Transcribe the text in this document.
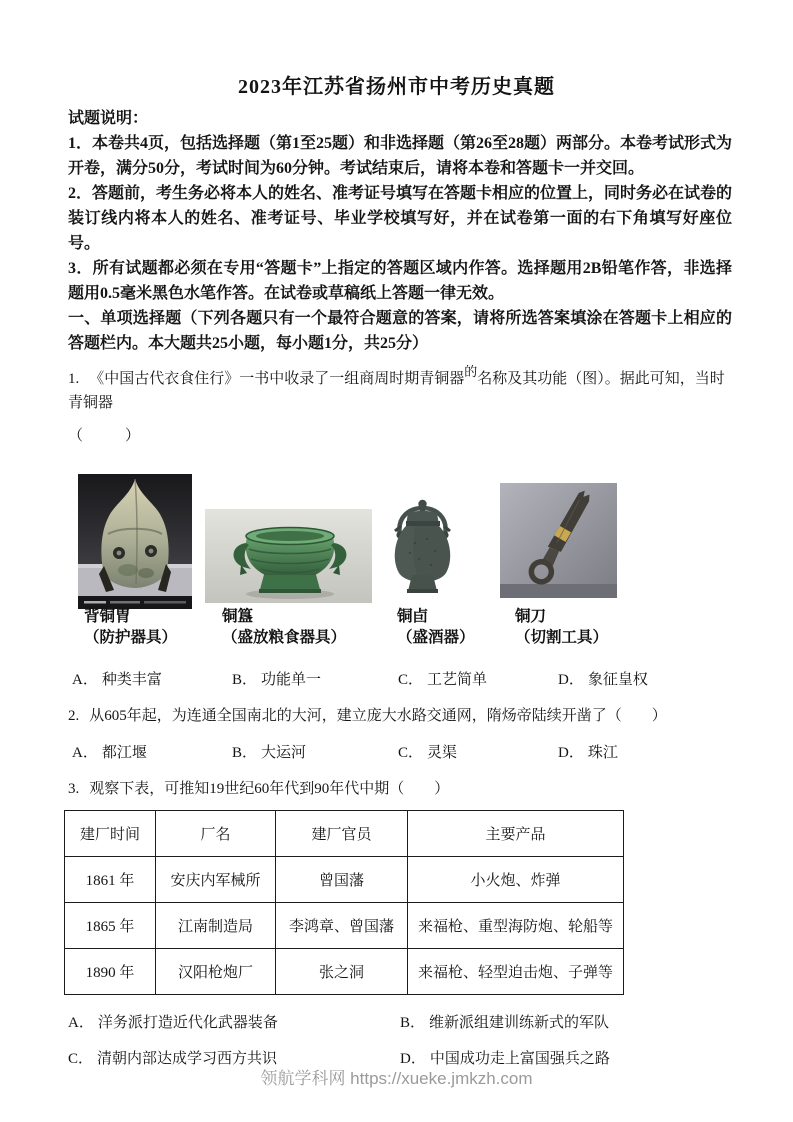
2023年江苏省扬州市中考历史真题

试题说明：

1．本卷共4页，包括选择题（第1至25题）和非选择题（第26至28题）两部分。本卷考试形式为开卷，满分50分，考试时间为60分钟。考试结束后，请将本卷和答题卡一并交回。

2．答题前，考生务必将本人的姓名、准考证号填写在答题卡相应的位置上，同时务必在试卷的装订线内将本人的姓名、准考证号、毕业学校填写好，并在试卷第一面的右下角填写好座位号。

3．所有试题都必须在专用“答题卡”上指定的答题区域内作答。选择题用2B铅笔作答，非选择题用0.5毫米黑色水笔作答。在试卷或草稿纸上答题一律无效。

一、单项选择题（下列各题只有一个最符合题意的答案，请将所选答案填涂在答题卡上相应的答题栏内。本大题共25小题，每小题1分，共25分）

1. 《中国古代衣食住行》一书中收录了一组商周时期青铜器$^的$名称及其功能（图）。据此可知，当时青铜器

（　　）

背铜胄
（防护器具）
铜簋
（盛放粮食器具）
铜卣
（盛酒器）
铜刀
（切割工具）
A． 种类丰富	B． 功能单一	C． 工艺简单	D． 象征皇权

2. 从605年起，为连通全国南北的大河，建立庞大水路交通网，隋炀帝陆续开凿了（　　）

A． 都江堰	B． 大运河	C． 灵渠	D． 珠江

3. 观察下表，可推知19世纪60年代到90年代中期（　　）

建厂时间	厂名	建厂官员	主要产品
1861 年	安庆内军械所	曾国藩	小火炮、炸弹
1865 年	江南制造局	李鸿章、曾国藩	来福枪、重型海防炮、轮船等
1890 年	汉阳枪炮厂	张之洞	来福枪、轻型迫击炮、子弹等
A． 洋务派打造近代化武器装备	B． 维新派组建训练新式的军队
C． 清朝内部达成学习西方共识	D． 中国成功走上富国强兵之路
领航学科网 https://xueke.jmkzh.com
